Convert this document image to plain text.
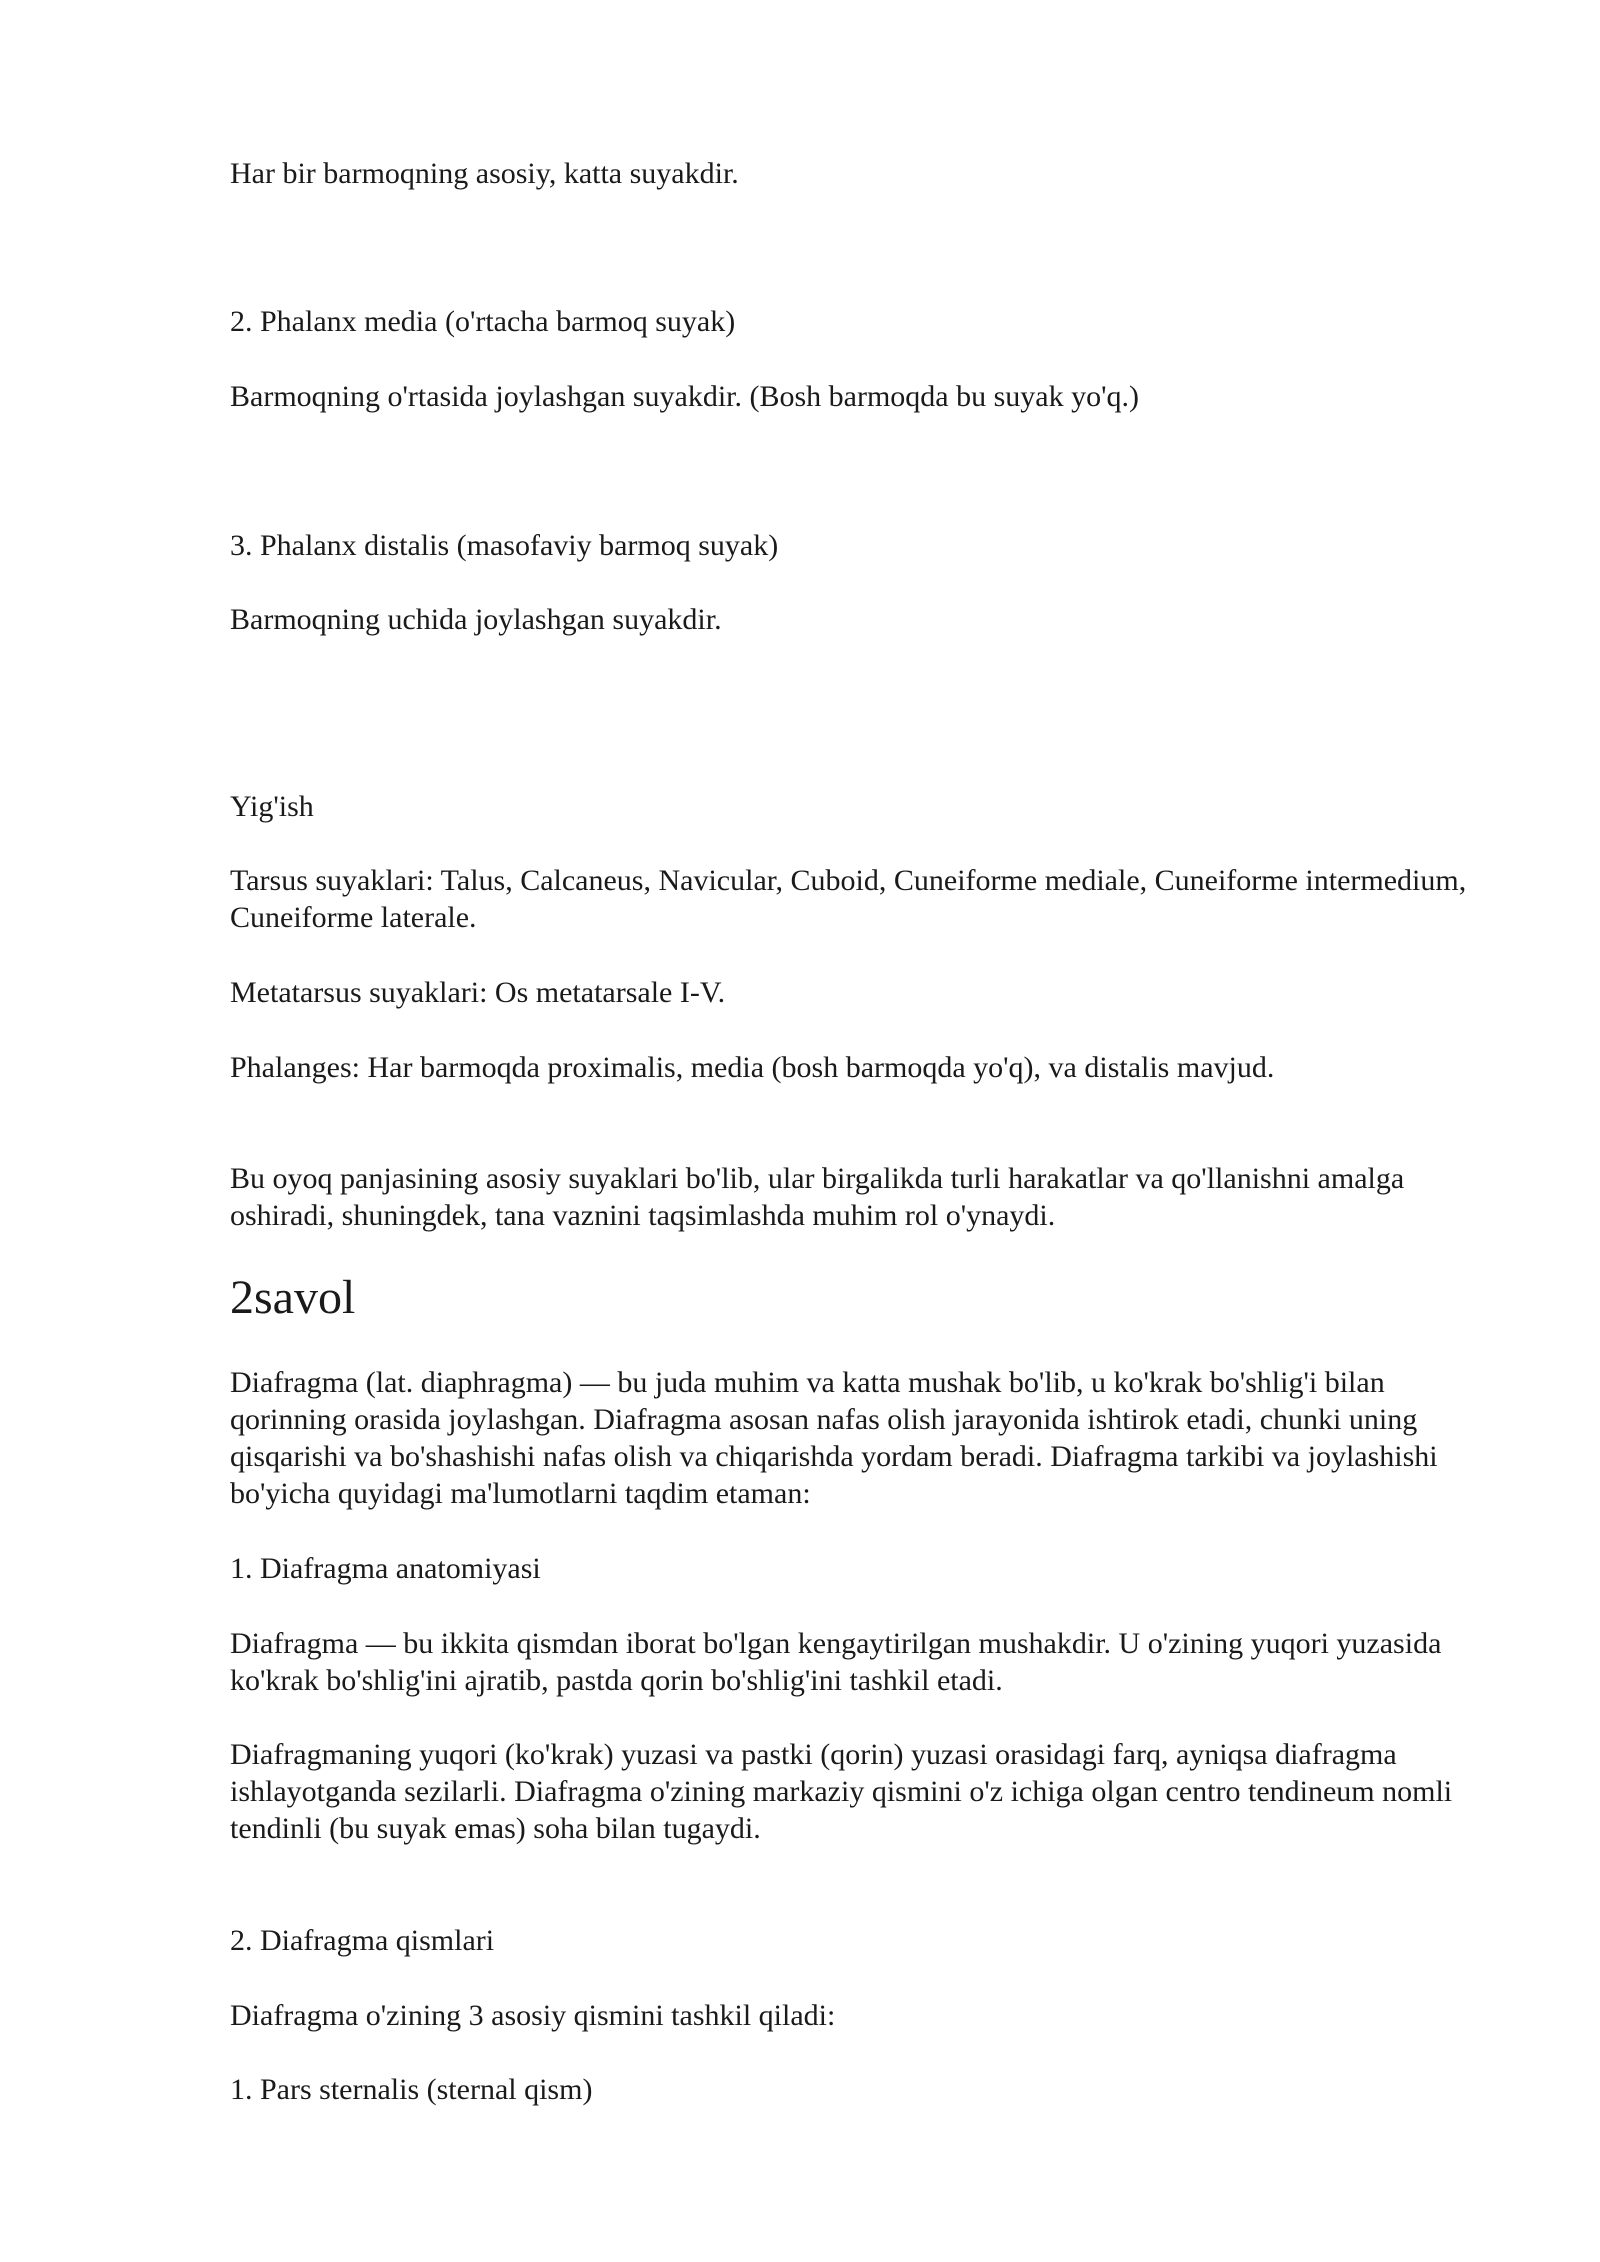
Har bir barmoqning asosiy, katta suyakdir.

2. Phalanx media (o'rtacha barmoq suyak)

Barmoqning o'rtasida joylashgan suyakdir. (Bosh barmoqda bu suyak yo'q.)

3. Phalanx distalis (masofaviy barmoq suyak)

Barmoqning uchida joylashgan suyakdir.

Yig'ish

Tarsus suyaklari: Talus, Calcaneus, Navicular, Cuboid, Cuneiforme mediale, Cuneiforme intermedium, Cuneiforme laterale.

Metatarsus suyaklari: Os metatarsale I-V.

Phalanges: Har barmoqda proximalis, media (bosh barmoqda yo'q), va distalis mavjud.

Bu oyoq panjasining asosiy suyaklari bo'lib, ular birgalikda turli harakatlar va qo'llanishni amalga oshiradi, shuningdek, tana vaznini taqsimlashda muhim rol o'ynaydi.

2savol

Diafragma (lat. diaphragma) — bu juda muhim va katta mushak bo'lib, u ko'krak bo'shlig'i bilan qorinning orasida joylashgan. Diafragma asosan nafas olish jarayonida ishtirok etadi, chunki uning qisqarishi va bo'shashishi nafas olish va chiqarishda yordam beradi. Diafragma tarkibi va joylashishi bo'yicha quyidagi ma'lumotlarni taqdim etaman:

1. Diafragma anatomiyasi

Diafragma — bu ikkita qismdan iborat bo'lgan kengaytirilgan mushakdir. U o'zining yuqori yuzasida ko'krak bo'shlig'ini ajratib, pastda qorin bo'shlig'ini tashkil etadi.

Diafragmaning yuqori (ko'krak) yuzasi va pastki (qorin) yuzasi orasidagi farq, ayniqsa diafragma ishlayotganda sezilarli. Diafragma o'zining markaziy qismini o'z ichiga olgan centro tendineum nomli tendinli (bu suyak emas) soha bilan tugaydi.

2. Diafragma qismlari

Diafragma o'zining 3 asosiy qismini tashkil qiladi:

1. Pars sternalis (sternal qism)
